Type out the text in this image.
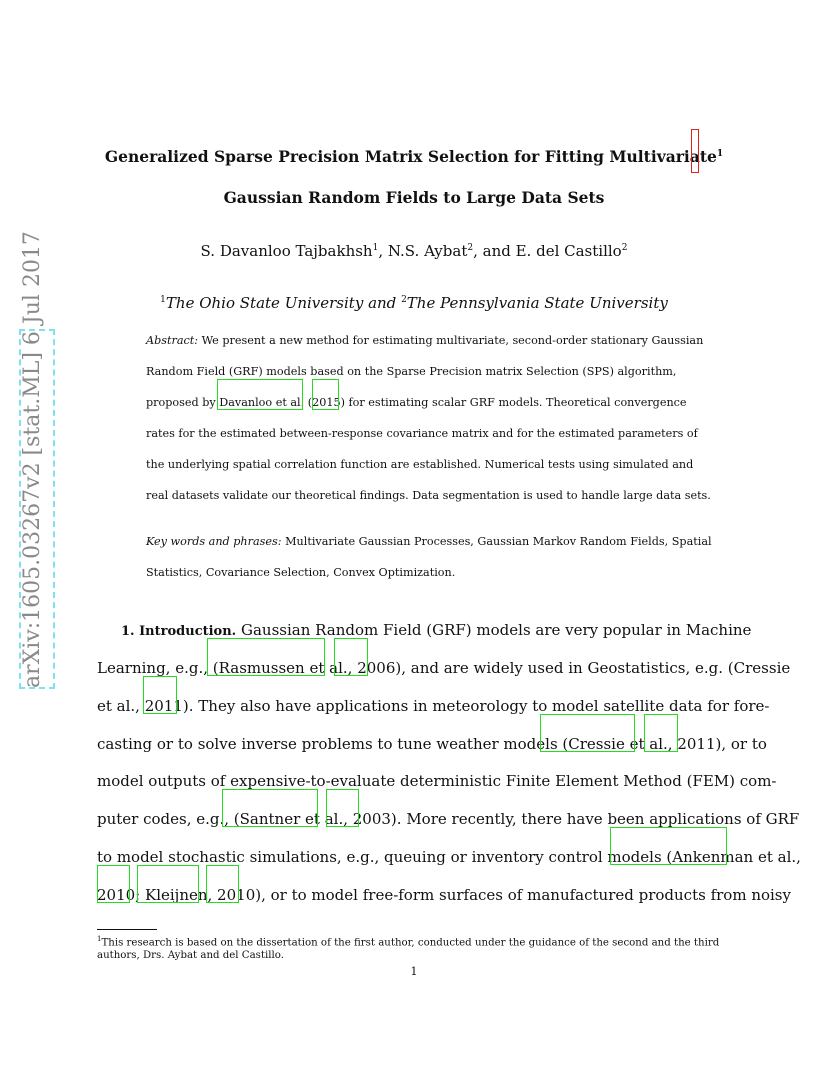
arXiv:1605.03267v2 [stat.ML] 6 Jul 2017
Generalized Sparse Precision Matrix Selection for Fitting Multivariate$^1$
Gaussian Random Fields to Large Data Sets
S. Davanloo Tajbakhsh$^1$, N.S. Aybat$^2$, and E. del Castillo$^2$
$^1$The Ohio State University and $^2$The Pennsylvania State University
Abstract: We present a new method for estimating multivariate, second-order stationary Gaussian
Random Field (GRF) models based on the Sparse Precision matrix Selection (SPS) algorithm,
proposed by Davanloo et al. (2015) for estimating scalar GRF models. Theoretical convergence
rates for the estimated between-response covariance matrix and for the estimated parameters of
the underlying spatial correlation function are established. Numerical tests using simulated and
real datasets validate our theoretical findings. Data segmentation is used to handle large data sets.
Key words and phrases: Multivariate Gaussian Processes, Gaussian Markov Random Fields, Spatial
Statistics, Covariance Selection, Convex Optimization.
1. Introduction. Gaussian Random Field (GRF) models are very popular in Machine
Learning, e.g., (Rasmussen et al., 2006), and are widely used in Geostatistics, e.g. (Cressie
et al., 2011). They also have applications in meteorology to model satellite data for fore-
casting or to solve inverse problems to tune weather models (Cressie et al., 2011), or to
model outputs of expensive-to-evaluate deterministic Finite Element Method (FEM) com-
puter codes, e.g., (Santner et al., 2003). More recently, there have been applications of GRF
to model stochastic simulations, e.g., queuing or inventory control models (Ankenman et al.,
2010; Kleijnen, 2010), or to model free-form surfaces of manufactured products from noisy
$^1$This research is based on the dissertation of the first author, conducted under the guidance of the second and the third authors, Drs. Aybat and del Castillo.
1
